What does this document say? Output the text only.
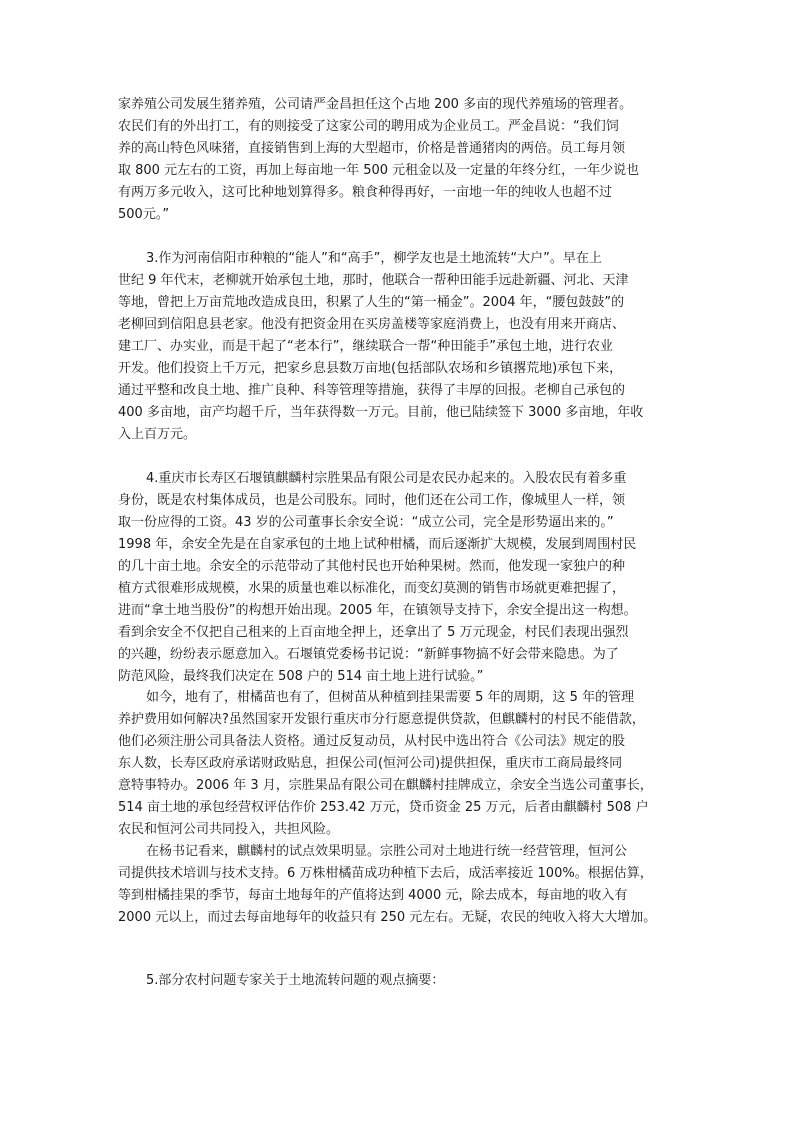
家养殖公司发展生猪养殖，公司请严金昌担任这个占地 200 多亩的现代养殖场的管理者。
农民们有的外出打工，有的则接受了这家公司的聘用成为企业员工。严金昌说：“我们饲
养的高山特色风味猪，直接销售到上海的大型超市，价格是普通猪肉的两倍。员工每月领
取 800 元左右的工资，再加上每亩地一年 500 元租金以及一定量的年终分红，一年少说也
有两万多元收入，这可比种地划算得多。粮食种得再好，一亩地一年的纯收人也超不过
500元。”
3.作为河南信阳市种粮的“能人”和“高手”，柳学友也是土地流转“大户”。早在上
世纪 9 年代末，老柳就开始承包土地，那时，他联合一帮种田能手远赴新疆、河北、天津
等地，曾把上万亩荒地改造成良田，积累了人生的“第一桶金”。2004 年，“腰包鼓鼓”的
老柳回到信阳息县老家。他没有把资金用在买房盖楼等家庭消费上，也没有用来开商店、
建工厂、办实业，而是干起了“老本行”，继续联合一帮“种田能手”承包土地，进行农业
开发。他们投资上千万元，把家乡息县数万亩地(包括部队农场和乡镇撂荒地)承包下来，
通过平整和改良土地、推广良种、科等管理等措施，获得了丰厚的回报。老柳自己承包的
400 多亩地，亩产均超千斤，当年获得数一万元。目前，他已陆续签下 3000 多亩地，年收
入上百万元。
4.重庆市长寿区石堰镇麒麟村宗胜果品有限公司是农民办起来的。入股农民有着多重
身份，既是农村集体成员，也是公司股东。同时，他们还在公司工作，像城里人一样，领
取一份应得的工资。43 岁的公司董事长余安全说：“成立公司，完全是形势逼出来的。”
1998 年，余安全先是在自家承包的土地上试种柑橘，而后逐渐扩大规模，发展到周围村民
的几十亩土地。余安全的示范带动了其他村民也开始种果树。然而，他发现一家独户的种
植方式很难形成规模，水果的质量也难以标准化，而变幻莫测的销售市场就更难把握了，
进而“拿土地当股份”的构想开始出现。2005 年，在镇领导支持下，余安全提出这一构想。
看到余安全不仅把自己租来的上百亩地全押上，还拿出了 5 万元现金，村民们表现出强烈
的兴趣，纷纷表示愿意加入。石堰镇党委杨书记说：“新鲜事物搞不好会带来隐患。为了
防范风险，最终我们决定在 508 户的 514 亩土地上进行试验。”
如今，地有了，柑橘苗也有了，但树苗从种植到挂果需要 5 年的周期，这 5 年的管理
养护费用如何解决?虽然国家开发银行重庆市分行愿意提供贷款，但麒麟村的村民不能借款，
他们必须注册公司具备法人资格。通过反复动员，从村民中选出符合《公司法》规定的股
东人数，长寿区政府承诺财政贴息，担保公司(恒河公司)提供担保，重庆市工商局最终同
意特事特办。2006 年 3 月，宗胜果品有限公司在麒麟村挂牌成立，余安全当选公司董事长，
514 亩土地的承包经营权评估作价 253.42 万元，贷币资金 25 万元，后者由麒麟村 508 户
农民和恒河公司共同投入，共担风险。
在杨书记看来，麒麟村的试点效果明显。宗胜公司对土地进行统一经营管理，恒河公
司提供技术培训与技术支持。6 万株柑橘苗成功种植下去后，成活率接近 100%。根据估算，
等到柑橘挂果的季节，每亩土地每年的产值将达到 4000 元，除去成本，每亩地的收入有
2000 元以上，而过去每亩地每年的收益只有 250 元左右。无疑，农民的纯收入将大大增加。
5.部分农村问题专家关于土地流转问题的观点摘要：
